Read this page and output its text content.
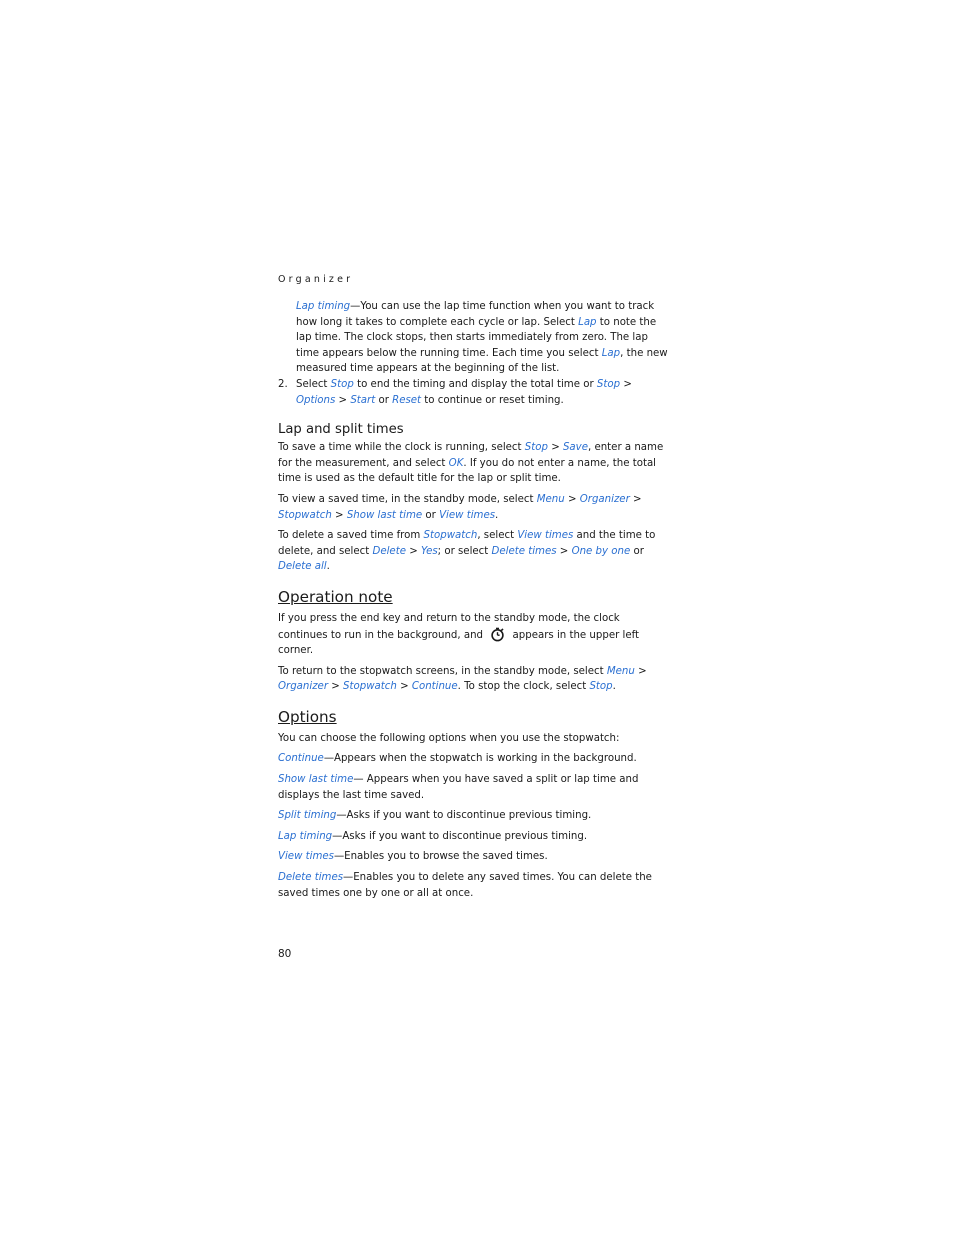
Organizer

Lap timing—You can use the lap time function when you want to track how long it takes to complete each cycle or lap. Select Lap to note the lap time. The clock stops, then starts immediately from zero. The lap time appears below the running time. Each time you select Lap, the new measured time appears at the beginning of the list.

2. Select Stop to end the timing and display the total time or Stop > Options > Start or Reset to continue or reset timing.

Lap and split times

To save a time while the clock is running, select Stop > Save, enter a name for the measurement, and select OK. If you do not enter a name, the total time is used as the default title for the lap or split time.

To view a saved time, in the standby mode, select Menu > Organizer > Stopwatch > Show last time or View times.

To delete a saved time from Stopwatch, select View times and the time to delete, and select Delete > Yes; or select Delete times > One by one or Delete all.

Operation note

If you press the end key and return to the standby mode, the clock continues to run in the background, and  appears in the upper left corner.

To return to the stopwatch screens, in the standby mode, select Menu > Organizer > Stopwatch > Continue. To stop the clock, select Stop.

Options

You can choose the following options when you use the stopwatch:

Continue—Appears when the stopwatch is working in the background.

Show last time— Appears when you have saved a split or lap time and displays the last time saved.

Split timing—Asks if you want to discontinue previous timing.

Lap timing—Asks if you want to discontinue previous timing.

View times—Enables you to browse the saved times.

Delete times—Enables you to delete any saved times. You can delete the saved times one by one or all at once.

80
